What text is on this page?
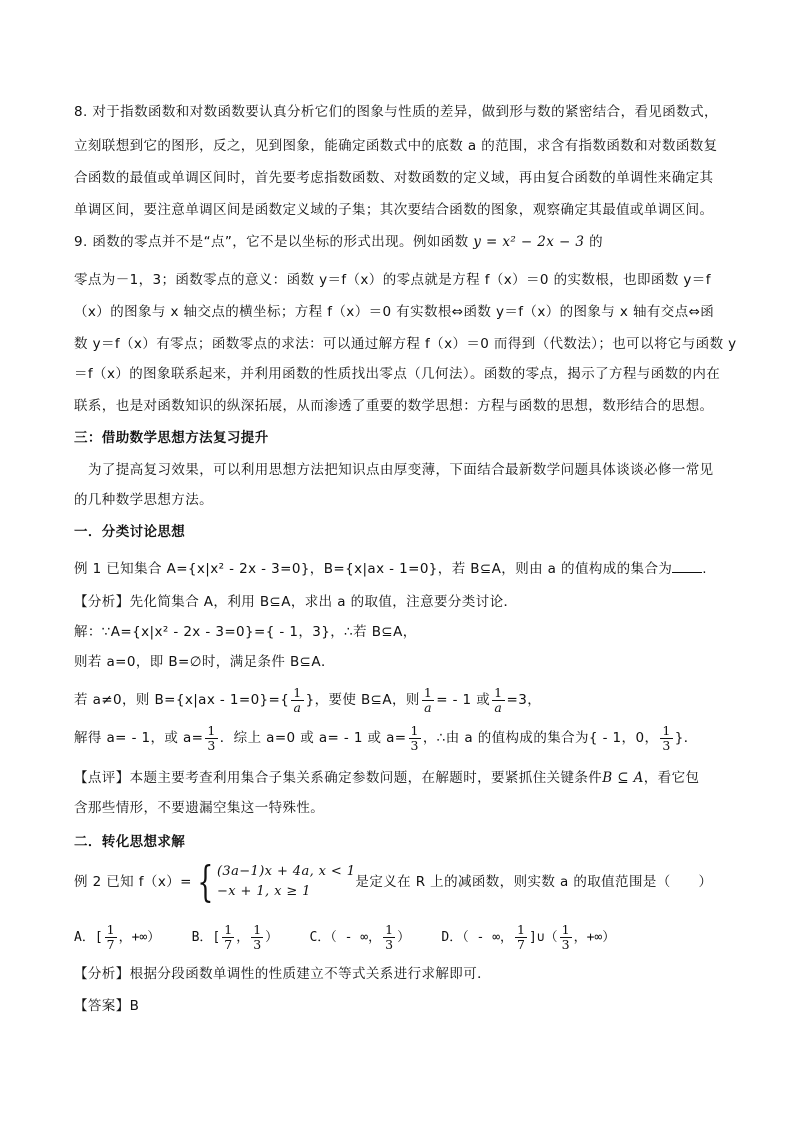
8. 对于指数函数和对数函数要认真分析它们的图象与性质的差异，做到形与数的紧密结合，看见函数式，
立刻联想到它的图形，反之，见到图象，能确定函数式中的底数 a 的范围，求含有指数函数和对数函数复
合函数的最值或单调区间时，首先要考虑指数函数、对数函数的定义域，再由复合函数的单调性来确定其
单调区间，要注意单调区间是函数定义域的子集；其次要结合函数的图象，观察确定其最值或单调区间。
9. 函数的零点并不是“点”，它不是以坐标的形式出现。例如函数 y = x² − 2x − 3 的
零点为－1，3；函数零点的意义：函数 y＝f（x）的零点就是方程 f（x）＝0 的实数根，也即函数 y＝f
（x）的图象与 x 轴交点的横坐标；方程 f（x）＝0 有实数根⇔函数 y＝f（x）的图象与 x 轴有交点⇔函
数 y＝f（x）有零点；函数零点的求法：可以通过解方程 f（x）＝0 而得到（代数法）；也可以将它与函数 y
＝f（x）的图象联系起来，并利用函数的性质找出零点（几何法）。函数的零点，揭示了方程与函数的内在
联系，也是对函数知识的纵深拓展，从而渗透了重要的数学思想：方程与函数的思想，数形结合的思想。
三：借助数学思想方法复习提升
为了提高复习效果，可以利用思想方法把知识点由厚变薄，下面结合最新数学问题具体谈谈必修一常见
的几种数学思想方法。
一．分类讨论思想
例 1 已知集合 A={x|x² - 2x - 3=0}，B={x|ax - 1=0}，若 B⊆A，则由 a 的值构成的集合为 .
【分析】先化简集合 A，利用 B⊆A，求出 a 的取值，注意要分类讨论．
解：∵A={x|x² - 2x - 3=0}={ - 1，3}，∴若 B⊆A，
则若 a=0，即 B=∅时，满足条件 B⊆A．
若 a≠0，则 $B=\{x|ax - 1=0\}=\{ \frac{1}{a}$ }，要使 B⊆A，则 $\frac{1}{a}$ = - 1 或 $\frac{1}{a} =3$，
解得 a= - 1，或 $a= \frac{1}{3}$ ．综上 a=0 或 a= - 1 或 $a= \frac{1}{3}$ ，∴由 a 的值构成的集合为{ - 1，0， $\frac{1}{3}$ }．
【点评】本题主要考查利用集合子集关系确定参数问题，在解题时，要紧抓住关键条件B ⊆ A，看它包
含那些情形，不要遗漏空集这一特殊性。
二．转化思想求解
例 2 已知 f（x）= { (3a−1)x + 4a, x < 1
−x + 1, x ≥ 1
是定义在 R 上的减函数，则实数 a 的取值范围是（　　）
A．[ $\frac{1}{7}$ ，+∞） B．[ $\frac{1}{7}$ ， $\frac{1}{3}$ ） C．（ - ∞， $\frac{1}{3}$ ） D．（ - ∞， $\frac{1}{7}$ ]∪（ $\frac{1}{3}$ ，+∞）
【分析】根据分段函数单调性的性质建立不等式关系进行求解即可．
【答案】B
